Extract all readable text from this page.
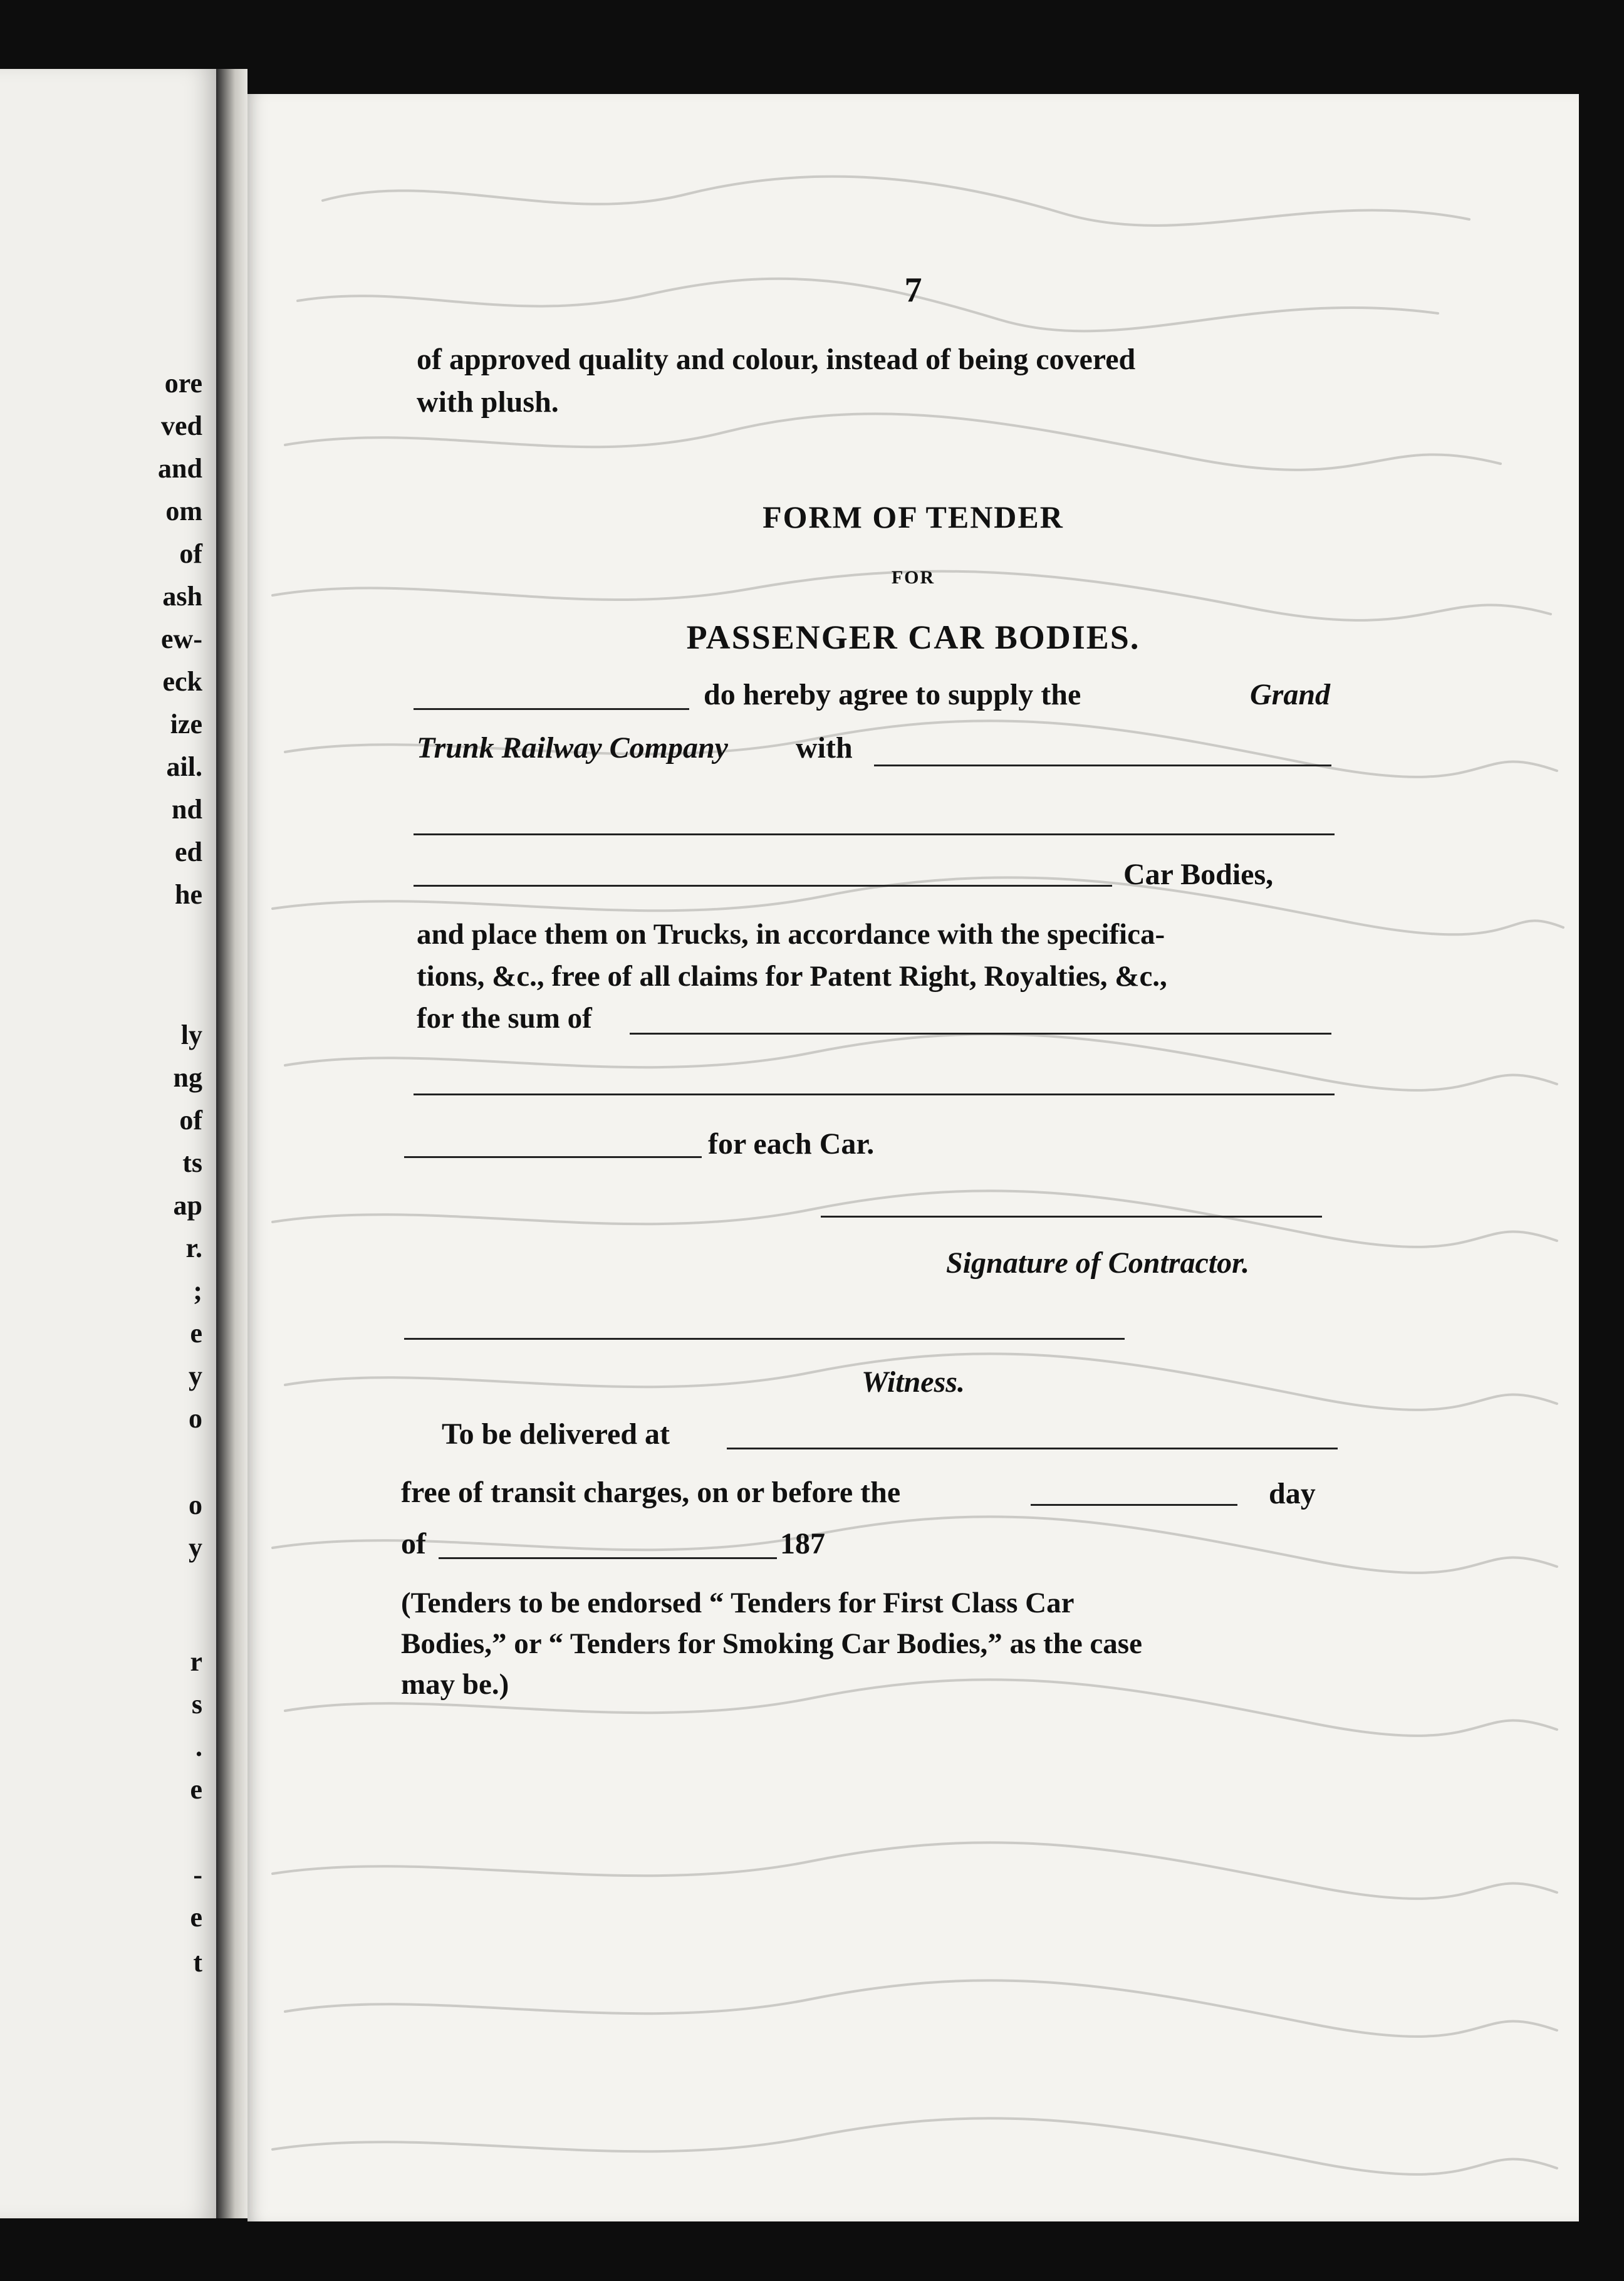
ore
ved
and
om
of
ash
ew-
eck
ize
ail.
nd
ed
he
ly
ng
of
ts
ap
r.
;
e
y
o
o
y
r
s
.
e
-
e
t
7
of approved quality and colour, instead of being covered
with plush.
FORM OF TENDER
FOR
PASSENGER CAR BODIES.
do hereby agree to supply the	Grand
Trunk Railway Company with
Car Bodies,
and place them on Trucks, in accordance with the specifica-
tions, &c., free of all claims for Patent Right, Royalties, &c.,
for the sum of
for each Car.
Signature of Contractor.
Witness.
To be delivered at
free of transit charges, on or before the	day
of	187
(Tenders to be endorsed “ Tenders for First Class Car
Bodies,” or “ Tenders for Smoking Car Bodies,” as the case
may be.)
